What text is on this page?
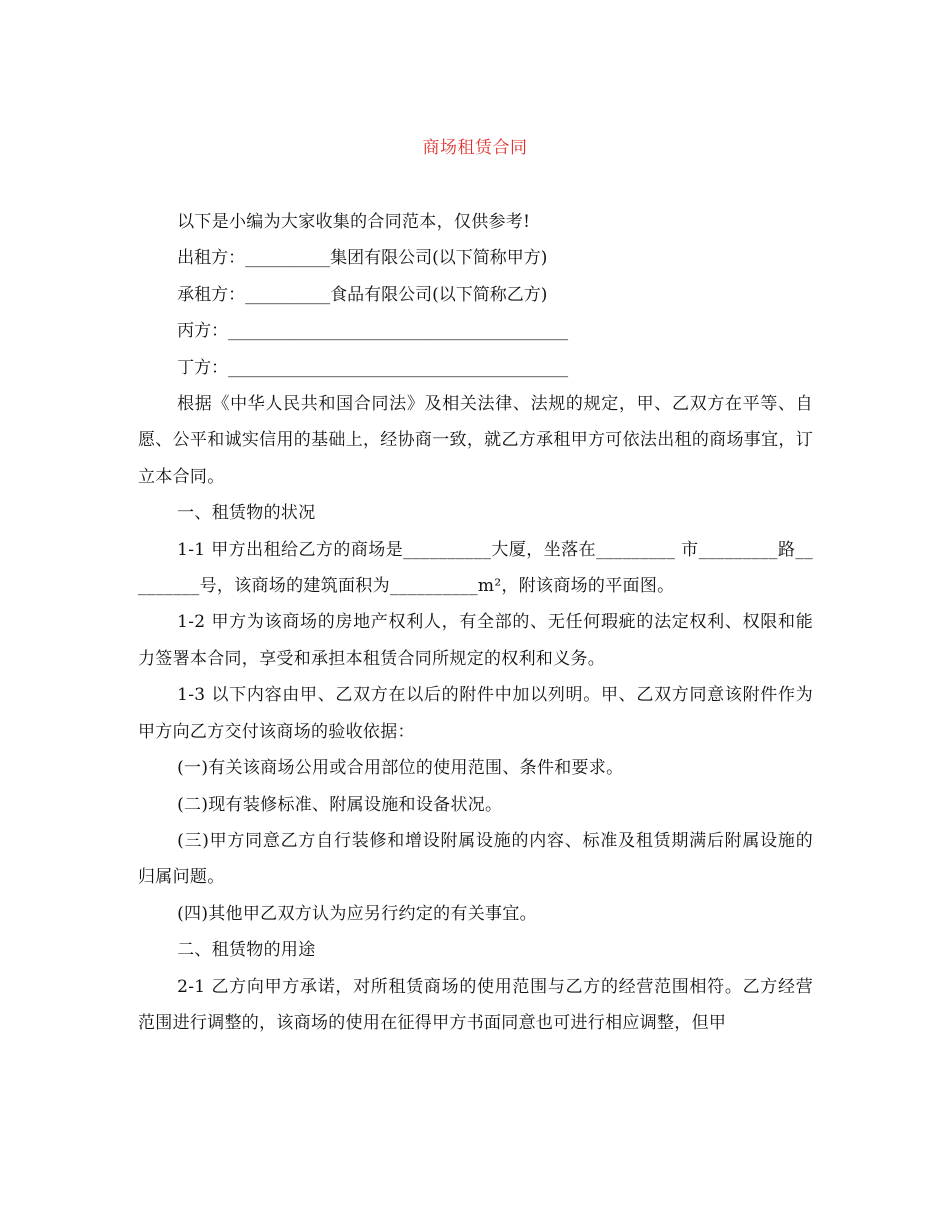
商场租赁合同

以下是小编为大家收集的合同范本，仅供参考!

出租方：__________集团有限公司(以下简称甲方)

承租方：__________食品有限公司(以下简称乙方)

丙方：________________________________________

丁方：________________________________________

根据《中华人民共和国合同法》及相关法律、法规的规定，甲、乙双方在平等、自愿、公平和诚实信用的基础上，经协商一致，就乙方承租甲方可依法出租的商场事宜，订立本合同。

一、租赁物的状况

1-1 甲方出租给乙方的商场是__________大厦，坐落在_________ 市_________路_________号，该商场的建筑面积为__________m²，附该商场的平面图。

1-2 甲方为该商场的房地产权利人，有全部的、无任何瑕疵的法定权利、权限和能力签署本合同，享受和承担本租赁合同所规定的权利和义务。

1-3 以下内容由甲、乙双方在以后的附件中加以列明。甲、乙双方同意该附件作为甲方向乙方交付该商场的验收依据：

(一)有关该商场公用或合用部位的使用范围、条件和要求。

(二)现有装修标准、附属设施和设备状况。

(三)甲方同意乙方自行装修和增设附属设施的内容、标准及租赁期满后附属设施的归属问题。

(四)其他甲乙双方认为应另行约定的有关事宜。

二、租赁物的用途

2-1 乙方向甲方承诺，对所租赁商场的使用范围与乙方的经营范围相符。乙方经营范围进行调整的，该商场的使用在征得甲方书面同意也可进行相应调整，但甲
